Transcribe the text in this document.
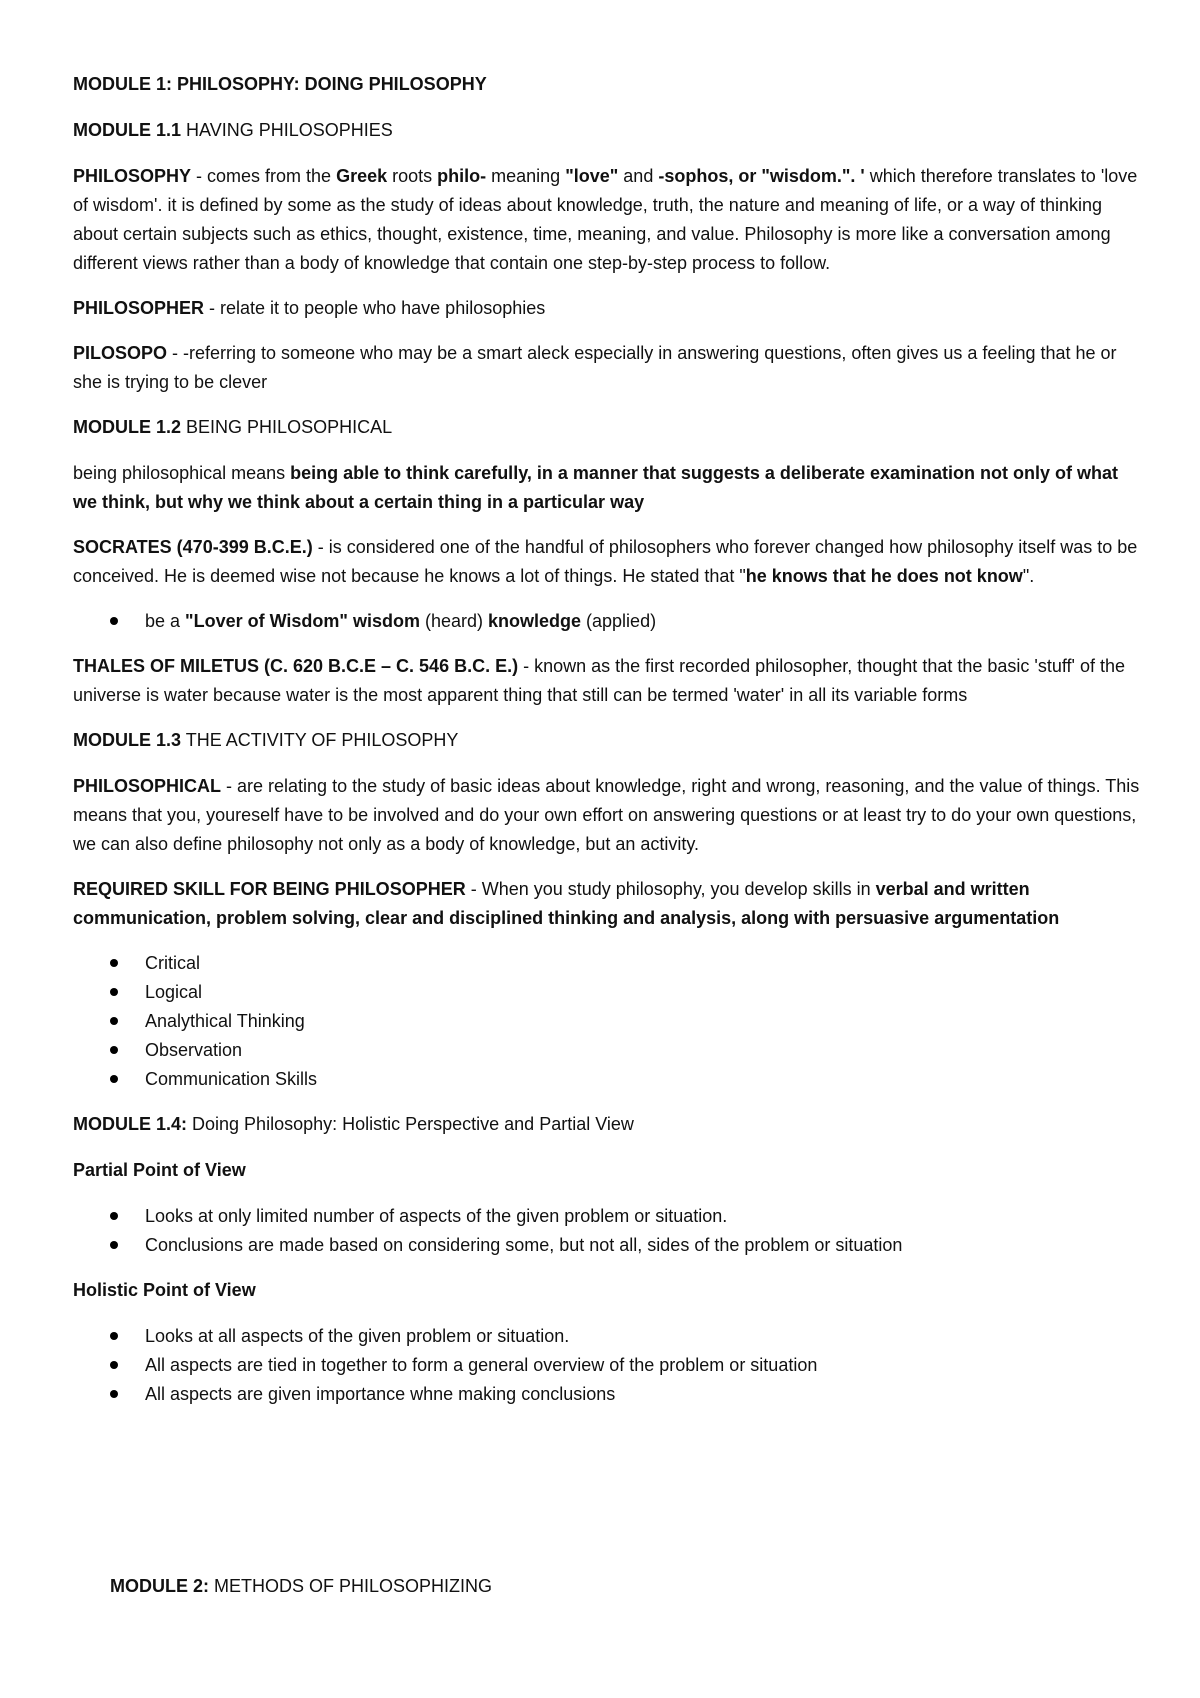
MODULE 1: PHILOSOPHY: DOING PHILOSOPHY

MODULE 1.1 HAVING PHILOSOPHIES

PHILOSOPHY - comes from the Greek roots philo- meaning "love" and -sophos, or "wisdom.". ' which therefore translates to 'love of wisdom'. it is defined by some as the study of ideas about knowledge, truth, the nature and meaning of life, or a way of thinking about certain subjects such as ethics, thought, existence, time, meaning, and value. Philosophy is more like a conversation among different views rather than a body of knowledge that contain one step-by-step process to follow.

PHILOSOPHER - relate it to people who have philosophies

PILOSOPO - -referring to someone who may be a smart aleck especially in answering questions, often gives us a feeling that he or she is trying to be clever

MODULE 1.2 BEING PHILOSOPHICAL

being philosophical means being able to think carefully, in a manner that suggests a deliberate examination not only of what we think, but why we think about a certain thing in a particular way

SOCRATES (470-399 B.C.E.) - is considered one of the handful of philosophers who forever changed how philosophy itself was to be conceived. He is deemed wise not because he knows a lot of things. He stated that "he knows that he does not know".

be a "Lover of Wisdom" wisdom (heard) knowledge (applied)

THALES OF MILETUS (C. 620 B.C.E – C. 546 B.C. E.) - known as the first recorded philosopher, thought that the basic 'stuff' of the universe is water because water is the most apparent thing that still can be termed 'water' in all its variable forms

MODULE 1.3 THE ACTIVITY OF PHILOSOPHY

PHILOSOPHICAL - are relating to the study of basic ideas about knowledge, right and wrong, reasoning, and the value of things. This means that you, youreself have to be involved and do your own effort on answering questions or at least try to do your own questions, we can also define philosophy not only as a body of knowledge, but an activity.

REQUIRED SKILL FOR BEING PHILOSOPHER - When you study philosophy, you develop skills in verbal and written communication, problem solving, clear and disciplined thinking and analysis, along with persuasive argumentation

Critical
Logical
Analythical Thinking
Observation
Communication Skills

MODULE 1.4: Doing Philosophy: Holistic Perspective and Partial View

Partial Point of View

Looks at only limited number of aspects of the given problem or situation.
Conclusions are made based on considering some, but not all, sides of the problem or situation

Holistic Point of View

Looks at all aspects of the given problem or situation.
All aspects are tied in together to form a general overview of the problem or situation
All aspects are given importance whne making conclusions

MODULE 2: METHODS OF PHILOSOPHIZING
